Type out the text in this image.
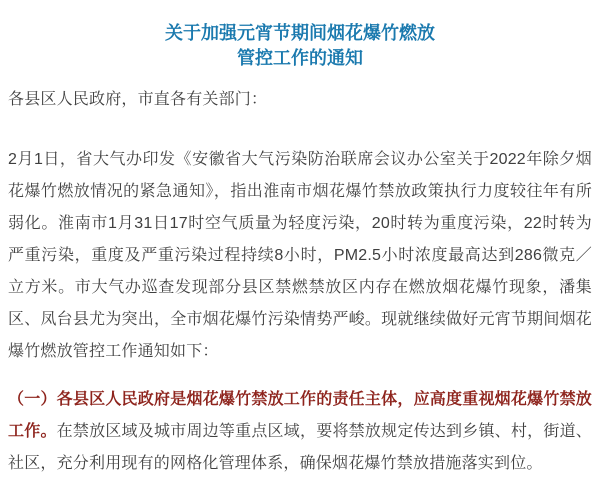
关于加强元宵节期间烟花爆竹燃放
管控工作的通知

各县区人民政府，市直各有关部门：

2月1日，省大气办印发《安徽省大气污染防治联席会议办公室关于2022年除夕烟花爆竹燃放情况的紧急通知》，指出淮南市烟花爆竹禁放政策执行力度较往年有所弱化。淮南市1月31日17时空气质量为轻度污染，20时转为重度污染，22时转为严重污染，重度及严重污染过程持续8小时，PM2.5小时浓度最高达到286微克／立方米。市大气办巡查发现部分县区禁燃禁放区内存在燃放烟花爆竹现象，潘集区、凤台县尤为突出，全市烟花爆竹污染情势严峻。现就继续做好元宵节期间烟花爆竹燃放管控工作通知如下：

（一）各县区人民政府是烟花爆竹禁放工作的责任主体，应高度重视烟花爆竹禁放工作。在禁放区域及城市周边等重点区域，要将禁放规定传达到乡镇、村，街道、社区，充分利用现有的网格化管理体系，确保烟花爆竹禁放措施落实到位。
